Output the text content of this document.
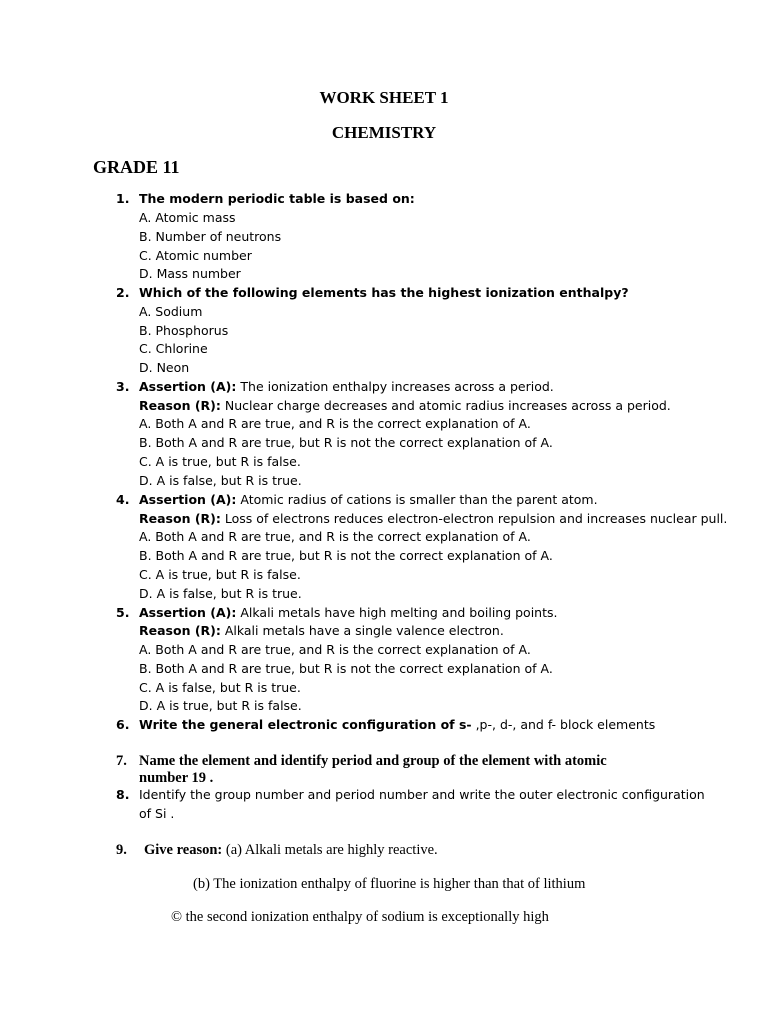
WORK SHEET 1
CHEMISTRY
GRADE 11
1. The modern periodic table is based on:
A. Atomic mass
B. Number of neutrons
C. Atomic number
D. Mass number
2. Which of the following elements has the highest ionization enthalpy?
A. Sodium
B. Phosphorus
C. Chlorine
D. Neon
3. Assertion (A): The ionization enthalpy increases across a period.
Reason (R): Nuclear charge decreases and atomic radius increases across a period.
A. Both A and R are true, and R is the correct explanation of A.
B. Both A and R are true, but R is not the correct explanation of A.
C. A is true, but R is false.
D. A is false, but R is true.
4. Assertion (A): Atomic radius of cations is smaller than the parent atom.
Reason (R): Loss of electrons reduces electron-electron repulsion and increases nuclear pull.
A. Both A and R are true, and R is the correct explanation of A.
B. Both A and R are true, but R is not the correct explanation of A.
C. A is true, but R is false.
D. A is false, but R is true.
5. Assertion (A): Alkali metals have high melting and boiling points.
Reason (R): Alkali metals have a single valence electron.
A. Both A and R are true, and R is the correct explanation of A.
B. Both A and R are true, but R is not the correct explanation of A.
C. A is false, but R is true.
D. A is true, but R is false.
6. Write the general electronic configuration of s- ,p-, d-, and f- block elements
7. Name the element and identify period and group of the element with atomic
number 19 .
8. Identify the group number and period number and write the outer electronic configuration
of Si .
9. Give reason: (a) Alkali metals are highly reactive.
(b) The ionization enthalpy of fluorine is higher than that of lithium
© the second ionization enthalpy of sodium is exceptionally high
